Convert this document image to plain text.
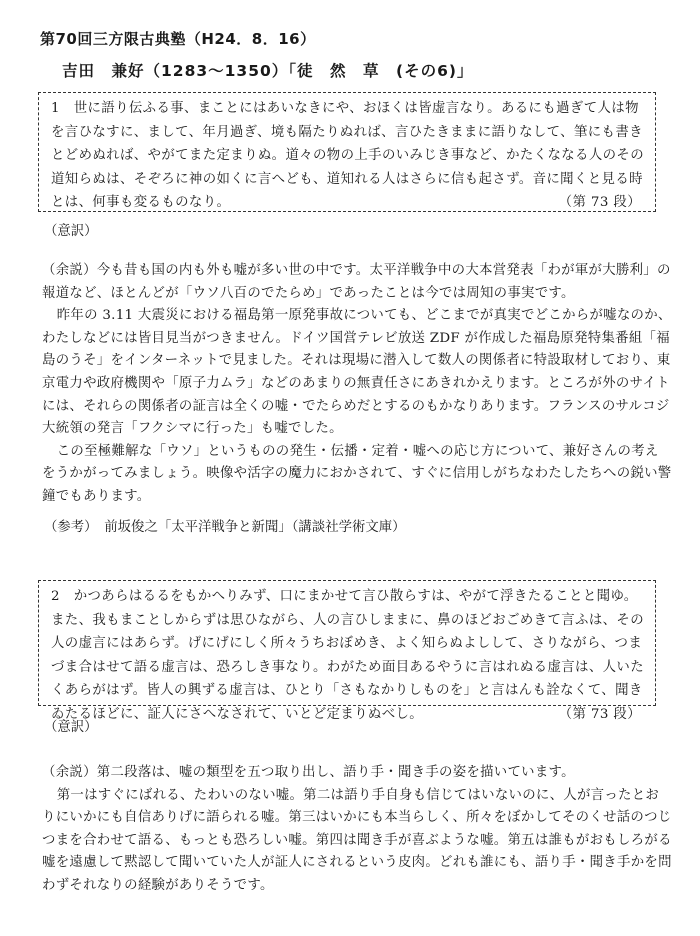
第70回三方限古典塾（H24．8．16）
吉田　兼好（1283～1350）「徒　然　草　(その6)」

1　世に語り伝ふる事、まことにはあいなきにや、おほくは皆虚言なり。あるにも過ぎて人は物を言ひなすに、まして、年月過ぎ、境も隔たりぬれば、言ひたきままに語りなして、筆にも書きとどめぬれば、やがてまた定まりぬ。道々の物の上手のいみじき事など、かたくななる人のその道知らぬは、そぞろに神の如くに言へども、道知れる人はさらに信も起さず。音に聞くと見る時とは、何事も変るものなり。	（第 73 段）

（意訳）

（余説）今も昔も国の内も外も嘘が多い世の中です。太平洋戦争中の大本営発表「わが軍が大勝利」の報道など、ほとんどが「ウソ八百のでたらめ」であったことは今では周知の事実です。

昨年の 3.11 大震災における福島第一原発事故についても、どこまでが真実でどこからが嘘なのか、わたしなどには皆目見当がつきません。ドイツ国営テレビ放送 ZDF が作成した福島原発特集番組「福島のうそ」をインターネットで見ました。それは現場に潜入して数人の関係者に特設取材しており、東京電力や政府機関や「原子力ムラ」などのあまりの無責任さにあきれかえります。ところが外のサイトには、それらの関係者の証言は全くの嘘・でたらめだとするのもかなりあります。フランスのサルコジ大統領の発言「フクシマに行った」も嘘でした。

この至極難解な「ウソ」というものの発生・伝播・定着・嘘への応じ方について、兼好さんの考えをうかがってみましょう。映像や活字の魔力におかされて、すぐに信用しがちなわたしたちへの鋭い警鐘でもあります。

（参考）　前坂俊之「太平洋戦争と新聞」（講談社学術文庫）

2　かつあらはるるをもかへりみず、口にまかせて言ひ散らすは、やがて浮きたることと聞ゆ。また、我もまことしからずは思ひながら、人の言ひしままに、鼻のほどおごめきて言ふは、その人の虚言にはあらず。げにげにしく所々うちおぼめき、よく知らぬよしして、さりながら、つまづま合はせて語る虚言は、恐ろしき事なり。わがため面目あるやうに言はれぬる虚言は、人いたくあらがはず。皆人の興ずる虚言は、ひとり「さもなかりしものを」と言はんも詮なくて、聞きゐたるほどに、証人にさへなされて、いとど定まりぬべし。	（第 73 段）

（意訳）

（余説）第二段落は、嘘の類型を五つ取り出し、語り手・聞き手の姿を描いています。

第一はすぐにばれる、たわいのない嘘。第二は語り手自身も信じてはいないのに、人が言ったとおりにいかにも自信ありげに語られる嘘。第三はいかにも本当らしく、所々をぼかしてそのくせ話のつじつまを合わせて語る、もっとも恐ろしい嘘。第四は聞き手が喜ぶような嘘。第五は誰もがおもしろがる嘘を遠慮して黙認して聞いていた人が証人にされるという皮肉。どれも誰にも、語り手・聞き手かを問わずそれなりの経験がありそうです。
